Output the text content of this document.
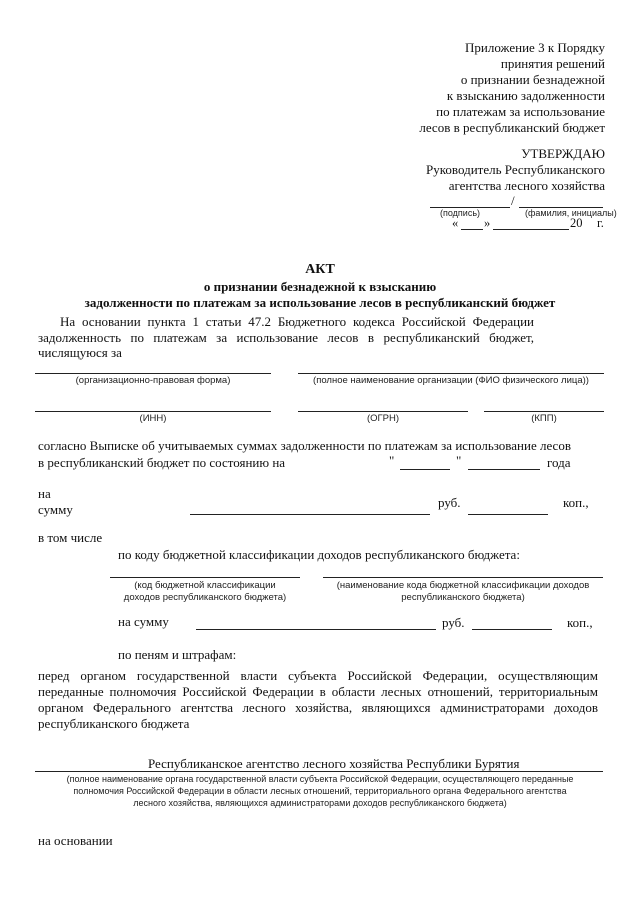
Приложение 3 к Порядку
принятия решений
о признании безнадежной
к взысканию задолженности
по платежам за использование
лесов в республиканский бюджет
УТВЕРЖДАЮ
Руководитель Республиканского
агентства лесного хозяйства
/
(подпись)	(фамилия, инициалы)
« »	20 г.
АКТ
о признании безнадежной к взысканию
задолженности по платежам за использование лесов в республиканский бюджет
На основании пункта 1 статьи 47.2 Бюджетного кодекса Российской Федерации
задолженность по платежам за использование лесов в республиканский бюджет,
числящуюся за
(организационно-правовая форма)	(полное наименование организации (ФИО физического лица))
(ИНН)	(ОГРН)	(КПП)
согласно Выписке об учитываемых суммах задолженности по платежам за использование лесов
в республиканский бюджет по состоянию на	"	"	года
на
сумму	руб.	коп.,
в том числе
по коду бюджетной классификации доходов республиканского бюджета:
(код бюджетной классификации
доходов республиканского бюджета)
(наименование кода бюджетной классификации доходов
республиканского бюджета)
на сумму	руб.	коп.,
по пеням и штрафам:
перед органом государственной власти субъекта Российской Федерации, осуществляющим
переданные полномочия Российской Федерации в области лесных отношений, территориальным
органом Федерального агентства лесного хозяйства, являющихся администраторами доходов
республиканского бюджета
Республиканское агентство лесного хозяйства Республики Бурятия
(полное наименование органа государственной власти субъекта Российской Федерации, осуществляющего переданные
полномочия Российской Федерации в области лесных отношений, территориального органа Федерального агентства
лесного хозяйства, являющихся администраторами доходов республиканского бюджета)
на основании
